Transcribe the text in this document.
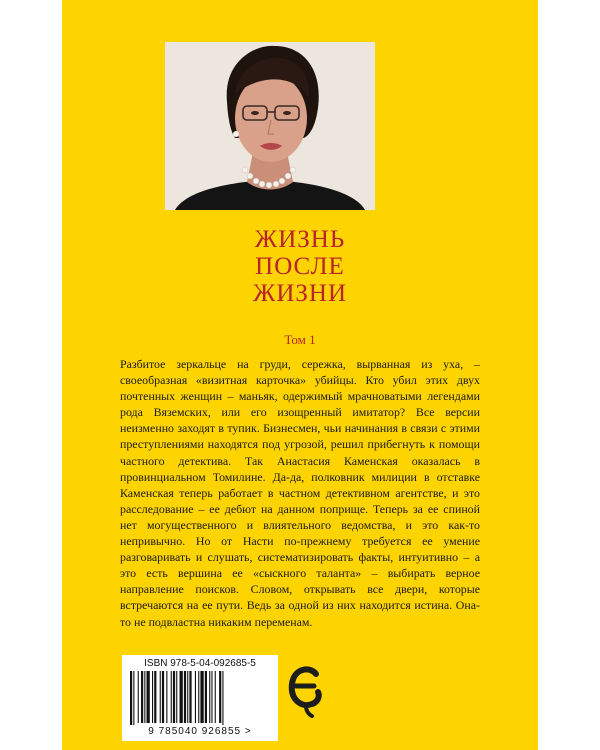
ЖИЗНЬ
ПОСЛЕ
ЖИЗНИ
Том 1

Разбитое зеркальце на груди, сережка, вырванная из уха, – своеобразная «визитная карточка» убийцы. Кто убил этих двух почтенных женщин – маньяк, одержимый мрачноватыми легендами рода Вяземских, или его изощренный имитатор? Все версии неизменно заходят в тупик. Бизнесмен, чьи начинания в связи с этими преступлениями находятся под угрозой, решил прибегнуть к помощи частного детектива. Так Анастасия Каменская оказалась в провинциальном Томилине. Да-да, полковник милиции в отставке Каменская теперь работает в частном детективном агентстве, и это расследование – ее дебют на данном поприще. Теперь за ее спиной нет могущественного и влиятельного ведомства, и это как-то непривычно. Но от Насти по-прежнему требуется ее умение разговаривать и слушать, систематизировать факты, интуитивно – а это есть вершина ее «сыскного таланта» – выбирать верное направление поисков. Словом, открывать все двери, которые встречаются на ее пути. Ведь за одной из них находится истина. Она-то не подвластна никаким переменам.

ISBN 978-5-04-092685-5
9 785040 926855 >
